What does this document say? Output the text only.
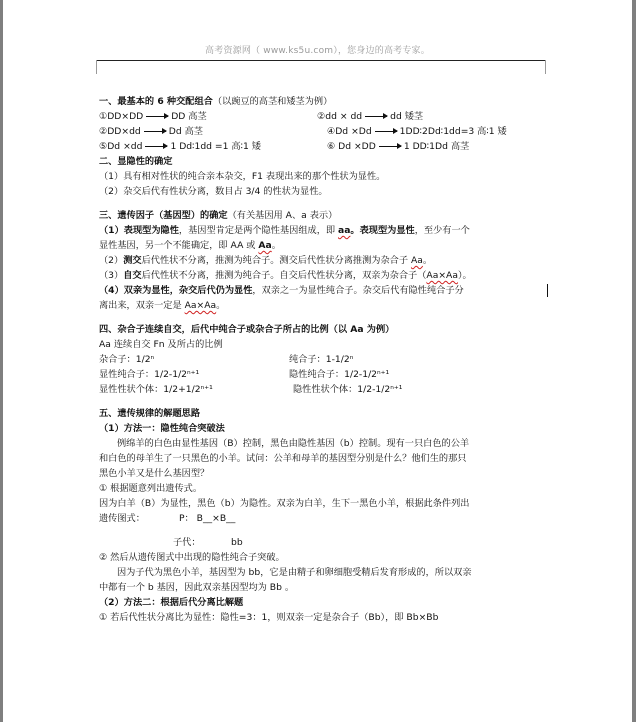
高考资源网（ www.ks5u.com），您身边的高考专家。
一、最基本的 6 种交配组合（以豌豆的高茎和矮茎为例）
①DD×DD	DD 高茎	②dd × dd	dd 矮茎
②DD×dd	Dd 高茎	④Dd ×Dd	1DD∶2Dd∶1dd=3 高∶1 矮
⑤Dd ×dd	1 Dd∶1dd =1 高∶1 矮	⑥ Dd ×DD	1 DD∶1Dd 高茎
二、显隐性的确定
（1）具有相对性状的纯合亲本杂交，F1 表现出来的那个性状为显性。
（2）杂交后代有性状分离，数目占 3/4 的性状为显性。
三、遗传因子（基因型）的确定（有关基因用 A、a 表示）
（1）表现型为隐性，基因型肯定是两个隐性基因组成，即 aa。表现型为显性，至少有一个
显性基因，另一个不能确定，即 AA 或 Aa。
（2）测交后代性状不分离，推测为纯合子。测交后代性状分离推测为杂合子 Aa。
（3）自交后代性状不分离，推测为纯合子。自交后代性状分离，双亲为杂合子（Aa×Aa）。
（4）双亲为显性，杂交后代仍为显性，双亲之一为显性纯合子。杂交后代有隐性纯合子分
离出来，双亲一定是 Aa×Aa。
四、杂合子连续自交，后代中纯合子或杂合子所占的比例（以 Aa 为例）
Aa 连续自交 Fn 及所占的比例
杂合子：1/2ⁿ	纯合子：1-1/2ⁿ
显性纯合子：1/2-1/2ⁿ⁺¹	隐性纯合子：1/2-1/2ⁿ⁺¹
显性性状个体：1/2+1/2ⁿ⁺¹	隐性性状个体：1/2-1/2ⁿ⁺¹
五、遗传规律的解题思路
（1）方法一：隐性纯合突破法
例绵羊的白色由显性基因（B）控制，黑色由隐性基因（b）控制。现有一只白色的公羊
和白色的母羊生了一只黑色的小羊。试问：公羊和母羊的基因型分别是什么？他们生的那只
黑色小羊又是什么基因型？
① 根据题意列出遗传式。
因为白羊（B）为显性，黑色（b）为隐性。双亲为白羊，生下一黑色小羊，根据此条件列出
遗传图式：	P： B__×B__
子代：	bb
② 然后从遗传图式中出现的隐性纯合子突破。
因为子代为黑色小羊，基因型为 bb，它是由精子和卵细胞受精后发育形成的，所以双亲
中都有一个 b 基因，因此双亲基因型均为 Bb 。
（2）方法二：根据后代分离比解题
① 若后代性状分离比为显性：隐性=3：1，则双亲一定是杂合子（Bb），即 Bb×Bb
